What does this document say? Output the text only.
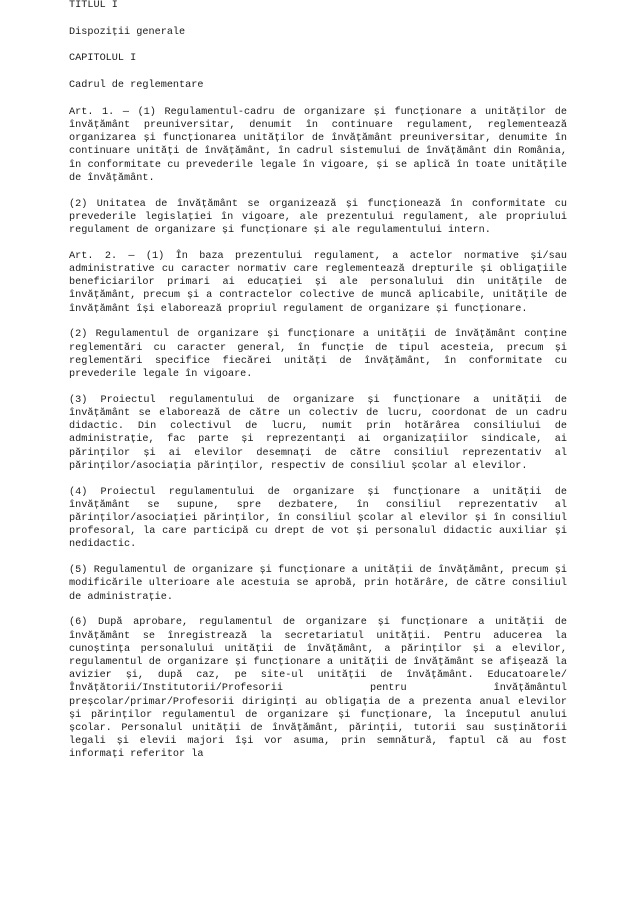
TITLUL I
Dispoziții generale
CAPITOLUL I
Cadrul de reglementare
Art. 1. — (1) Regulamentul-cadru de organizare și funcționare a unităților de învățământ preuniversitar, denumit în continuare regulament, reglementează organizarea și funcționarea unităților de învățământ preuniversitar, denumite în continuare unități de învățământ, în cadrul sistemului de învățământ din România, în conformitate cu prevederile legale în vigoare, și se aplică în toate unitățile de învățământ.
(2) Unitatea de învățământ se organizează și funcționează în conformitate cu prevederile legislației în vigoare, ale prezentului regulament, ale propriului regulament de organizare și funcționare și ale regulamentului intern.
Art. 2. — (1) În baza prezentului regulament, a actelor normative și/sau administrative cu caracter normativ care reglementează drepturile și obligațiile beneficiarilor primari ai educației și ale personalului din unitățile de învățământ, precum și a contractelor colective de muncă aplicabile, unitățile de învățământ își elaborează propriul regulament de organizare și funcționare.
(2) Regulamentul de organizare și funcționare a unității de învățământ conține reglementări cu caracter general, în funcție de tipul acesteia, precum și reglementări specifice fiecărei unități de învățământ, în conformitate cu prevederile legale în vigoare.
(3) Proiectul regulamentului de organizare și funcționare a unității de învățământ se elaborează de către un colectiv de lucru, coordonat de un cadru didactic. Din colectivul de lucru, numit prin hotărârea consiliului de administrație, fac parte și reprezentanți ai organizațiilor sindicale, ai părinților și ai elevilor desemnați de către consiliul reprezentativ al părinților/asociația părinților, respectiv de consiliul școlar al elevilor.
(4) Proiectul regulamentului de organizare și funcționare a unității de învățământ se supune, spre dezbatere, în consiliul reprezentativ al părinților/asociației părinților, în consiliul școlar al elevilor și în consiliul profesoral, la care participă cu drept de vot și personalul didactic auxiliar și nedidactic.
(5) Regulamentul de organizare și funcționare a unității de învățământ, precum și modificările ulterioare ale acestuia se aprobă, prin hotărâre, de către consiliul de administrație.
(6) După aprobare, regulamentul de organizare și funcționare a unității de învățământ se înregistrează la secretariatul unității. Pentru aducerea la cunoștința personalului unității de învățământ, a părinților și a elevilor, regulamentul de organizare și funcționare a unității de învățământ se afișează la avizier și, după caz, pe site-ul unității de învățământ. Educatoarele/Învățătorii/Institutorii/Profesorii pentru învățământul preșcolar/primar/Profesorii diriginți au obligația de a prezenta anual elevilor și părinților regulamentul de organizare și funcționare, la începutul anului școlar. Personalul unității de învățământ, părinții, tutorii sau susținătorii legali și elevii majori își vor asuma, prin semnătură, faptul că au fost informați referitor la
